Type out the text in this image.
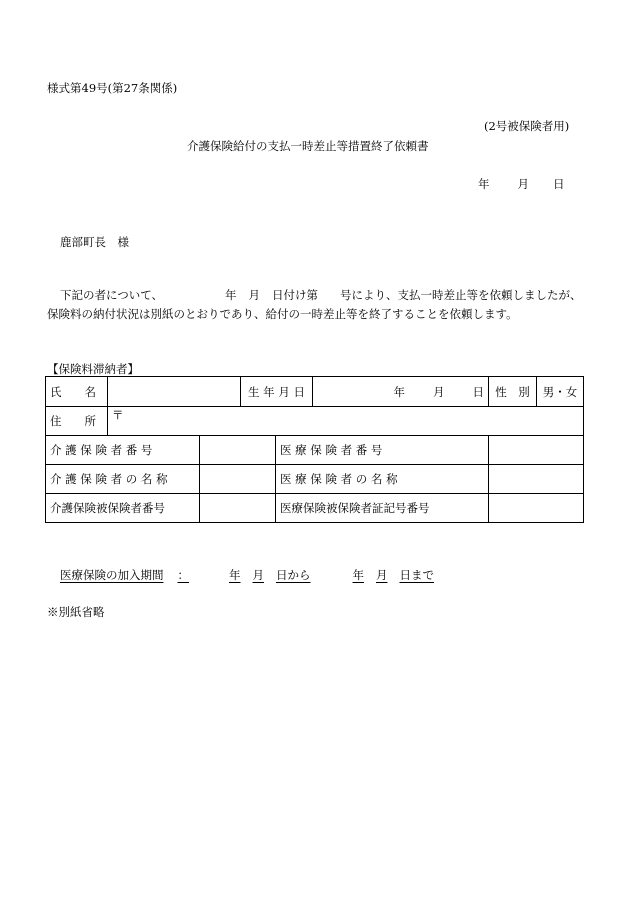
様式第49号(第27条関係)
(2号被保険者用)
介護保険給付の支払一時差止等措置終了依頼書
年 月 日
鹿部町長　様
下記の者について、	年 月 日付け第 号により、支払一時差止等を依頼しましたが、
保険料の納付状況は別紙のとおりであり、給付の一時差止等を終了することを依頼します。
【保険料滞納者】
氏　　名			生 年 月 日		年 月 日	性　別	男・女
住　　所	〒						
介 護 保 険 者 番 号				医 療 保 険 者 番 号			
介 護 保 険 者 の 名 称				医 療 保 険 者 の 名 称			
介護保険被保険者番号				医療保険被保険者証記号番号			
医療保険の加入期間 ：	年 月 日から	年 月 日まで
※別紙省略
